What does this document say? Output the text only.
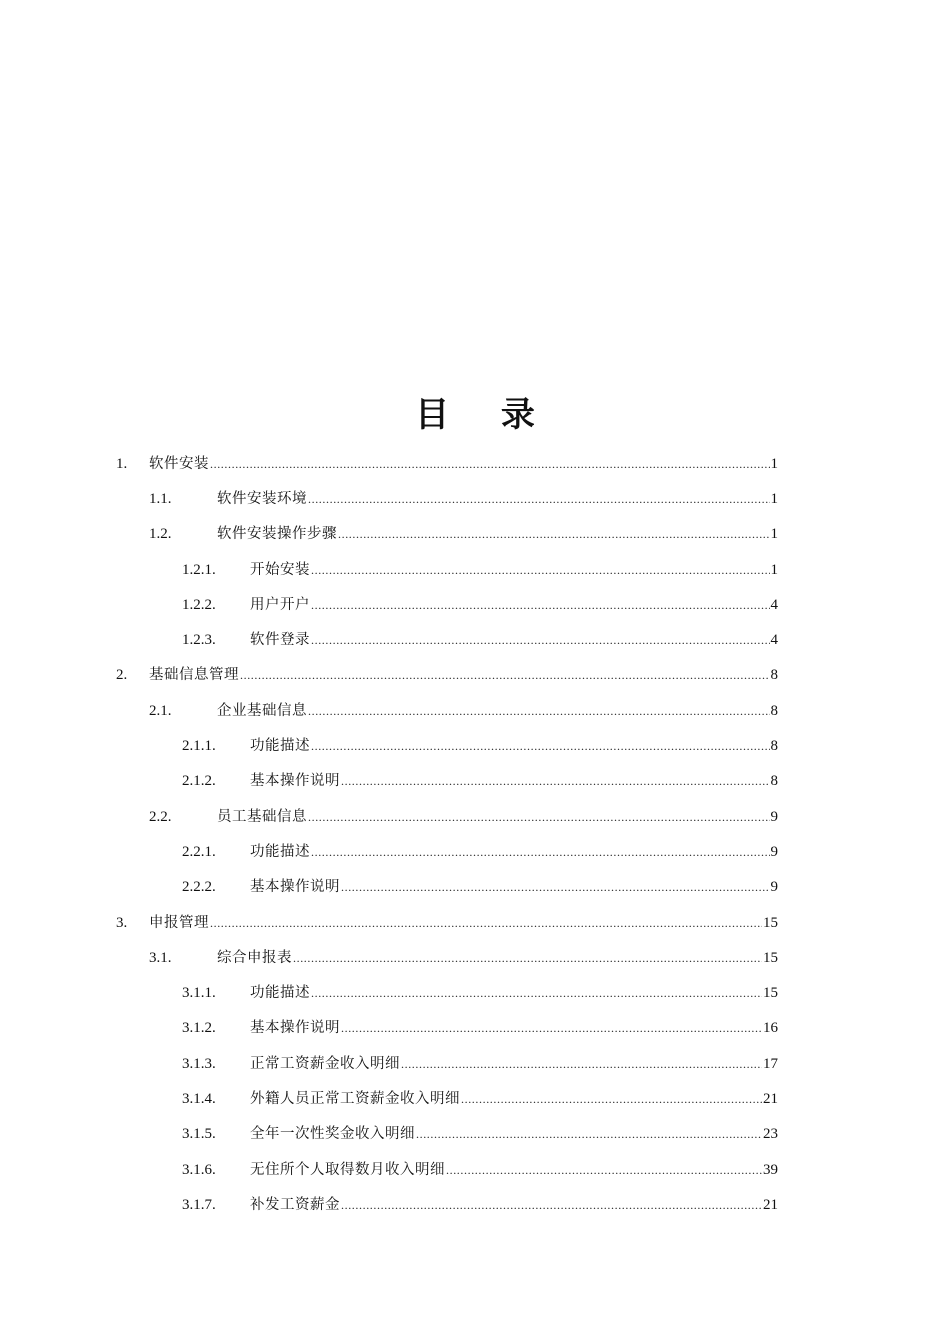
目 录
1.	软件安装 .....	1
1.1.	软件安装环境 .....	1
1.2.	软件安装操作步骤 .....	1
1.2.1.	开始安装 .....	1
1.2.2.	用户开户 .....	4
1.2.3.	软件登录 .....	4
2.	基础信息管理 .....	8
2.1.	企业基础信息 .....	8
2.1.1.	功能描述 .....	8
2.1.2.	基本操作说明 .....	8
2.2.	员工基础信息 .....	9
2.2.1.	功能描述 .....	9
2.2.2.	基本操作说明 .....	9
3.	申报管理 .....	15
3.1.	综合申报表 .....	15
3.1.1.	功能描述 .....	15
3.1.2.	基本操作说明 .....	16
3.1.3.	正常工资薪金收入明细 .....	17
3.1.4.	外籍人员正常工资薪金收入明细 .....	21
3.1.5.	全年一次性奖金收入明细 .....	23
3.1.6.	无住所个人取得数月收入明细 .....	39
3.1.7.	补发工资薪金 .....	21
